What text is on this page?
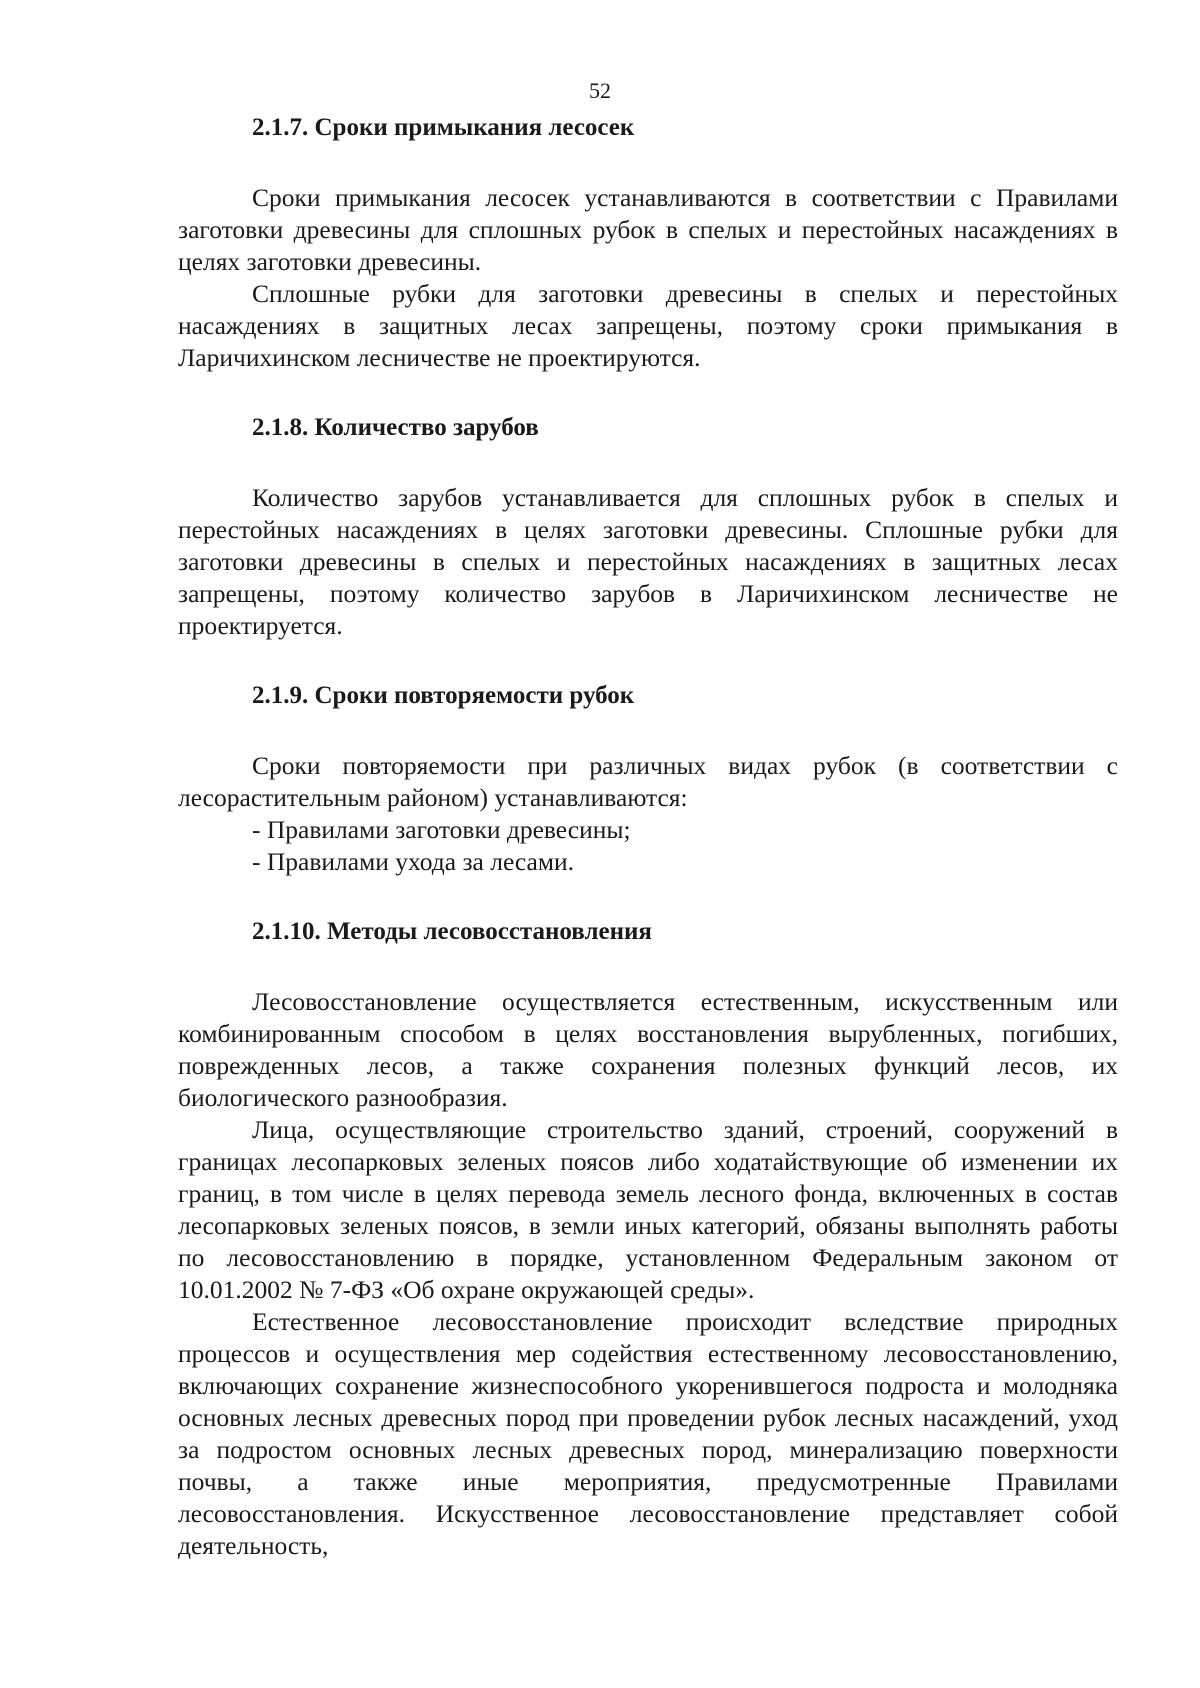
52

2.1.7. Сроки примыкания лесосек

Сроки примыкания лесосек устанавливаются в соответствии с Правилами заготовки древесины для сплошных рубок в спелых и перестойных насаждениях в целях заготовки древесины.

Сплошные рубки для заготовки древесины в спелых и перестойных насаждениях в защитных лесах запрещены, поэтому сроки примыкания в Ларичихинском лесничестве не проектируются.

2.1.8. Количество зарубов

Количество зарубов устанавливается для сплошных рубок в спелых и перестойных насаждениях в целях заготовки древесины. Сплошные рубки для заготовки древесины в спелых и перестойных насаждениях в защитных лесах запрещены, поэтому количество зарубов в Ларичихинском лесничестве не проектируется.

2.1.9. Сроки повторяемости рубок

Сроки повторяемости при различных видах рубок (в соответствии с лесорастительным районом) устанавливаются:

- Правилами заготовки древесины;

- Правилами ухода за лесами.

2.1.10. Методы лесовосстановления

Лесовосстановление осуществляется естественным, искусственным или комбинированным способом в целях восстановления вырубленных, погибших, поврежденных лесов, а также сохранения полезных функций лесов, их биологического разнообразия.

Лица, осуществляющие строительство зданий, строений, сооружений в границах лесопарковых зеленых поясов либо ходатайствующие об изменении их границ, в том числе в целях перевода земель лесного фонда, включенных в состав лесопарковых зеленых поясов, в земли иных категорий, обязаны выполнять работы по лесовосстановлению в порядке, установленном Федеральным законом от 10.01.2002 № 7-ФЗ «Об охране окружающей среды».

Естественное лесовосстановление происходит вследствие природных процессов и осуществления мер содействия естественному лесовосстановлению, включающих сохранение жизнеспособного укоренившегося подроста и молодняка основных лесных древесных пород при проведении рубок лесных насаждений, уход за подростом основных лесных древесных пород, минерализацию поверхности почвы, а также иные мероприятия, предусмотренные Правилами лесовосстановления. Искусственное лесовосстановление представляет собой деятельность,
